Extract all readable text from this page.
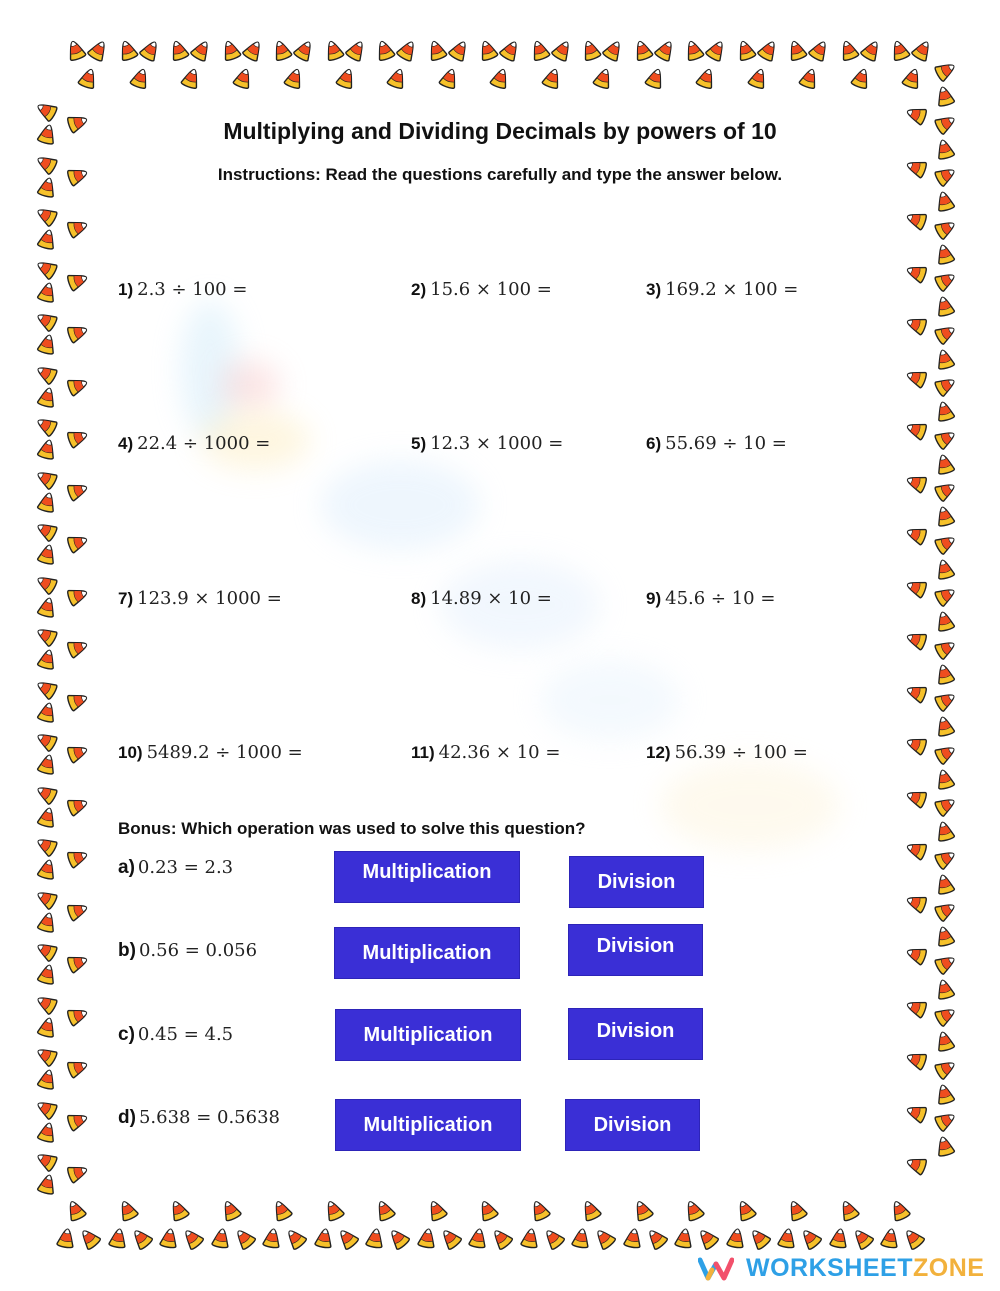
Multiplying and Dividing Decimals by powers of 10
Instructions: Read the questions carefully and type the answer below.
1) 2.3 ÷ 100 =	2) 15.6 × 100 =	3) 169.2 × 100 =
4) 22.4 ÷ 1000 =	5) 12.3 × 1000 =	6) 55.69 ÷ 10 =
7) 123.9 × 1000 =	8) 14.89 × 10 =	9) 45.6 ÷ 10 =
10) 5489.2 ÷ 1000 =	11) 42.36 × 10 =	12) 56.39 ÷ 100 =
Bonus: Which operation was used to solve this question?
a) 0.23 = 2.3	Multiplication	Division
b) 0.56 = 0.056	Multiplication	Division
c) 0.45 = 4.5	Multiplication	Division
d) 5.638 = 0.5638	Multiplication	Division
WORKSHEET ZONE
